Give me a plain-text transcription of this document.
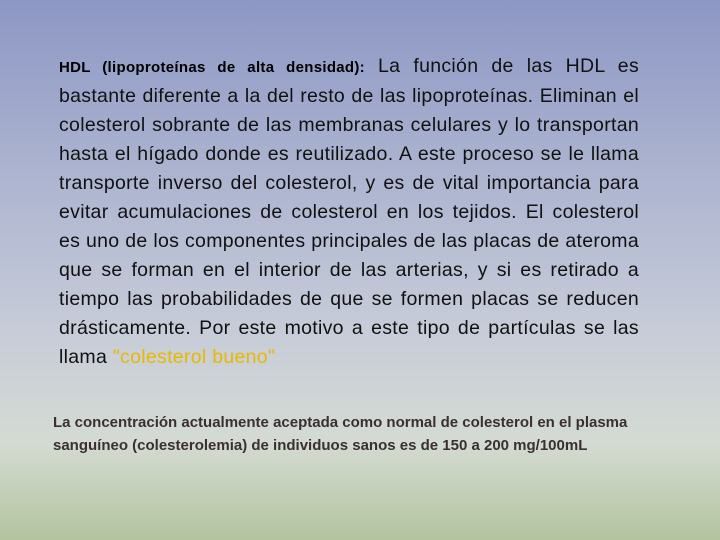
HDL (lipoproteínas de alta densidad): La función de las HDL es bastante diferente a la del resto de las lipoproteínas. Eliminan el colesterol sobrante de las membranas celulares y lo transportan hasta el hígado donde es reutilizado. A este proceso se le llama transporte inverso del colesterol, y es de vital importancia para evitar acumulaciones de colesterol en los tejidos. El colesterol es uno de los componentes principales de las placas de ateroma que se forman en el interior de las arterias, y si es retirado a tiempo las probabilidades de que se formen placas se reducen drásticamente. Por este motivo a este tipo de partículas se las llama "colesterol bueno"
La concentración actualmente aceptada como normal de colesterol en el plasma sanguíneo (colesterolemia) de individuos sanos es de 150 a 200 mg/100mL
